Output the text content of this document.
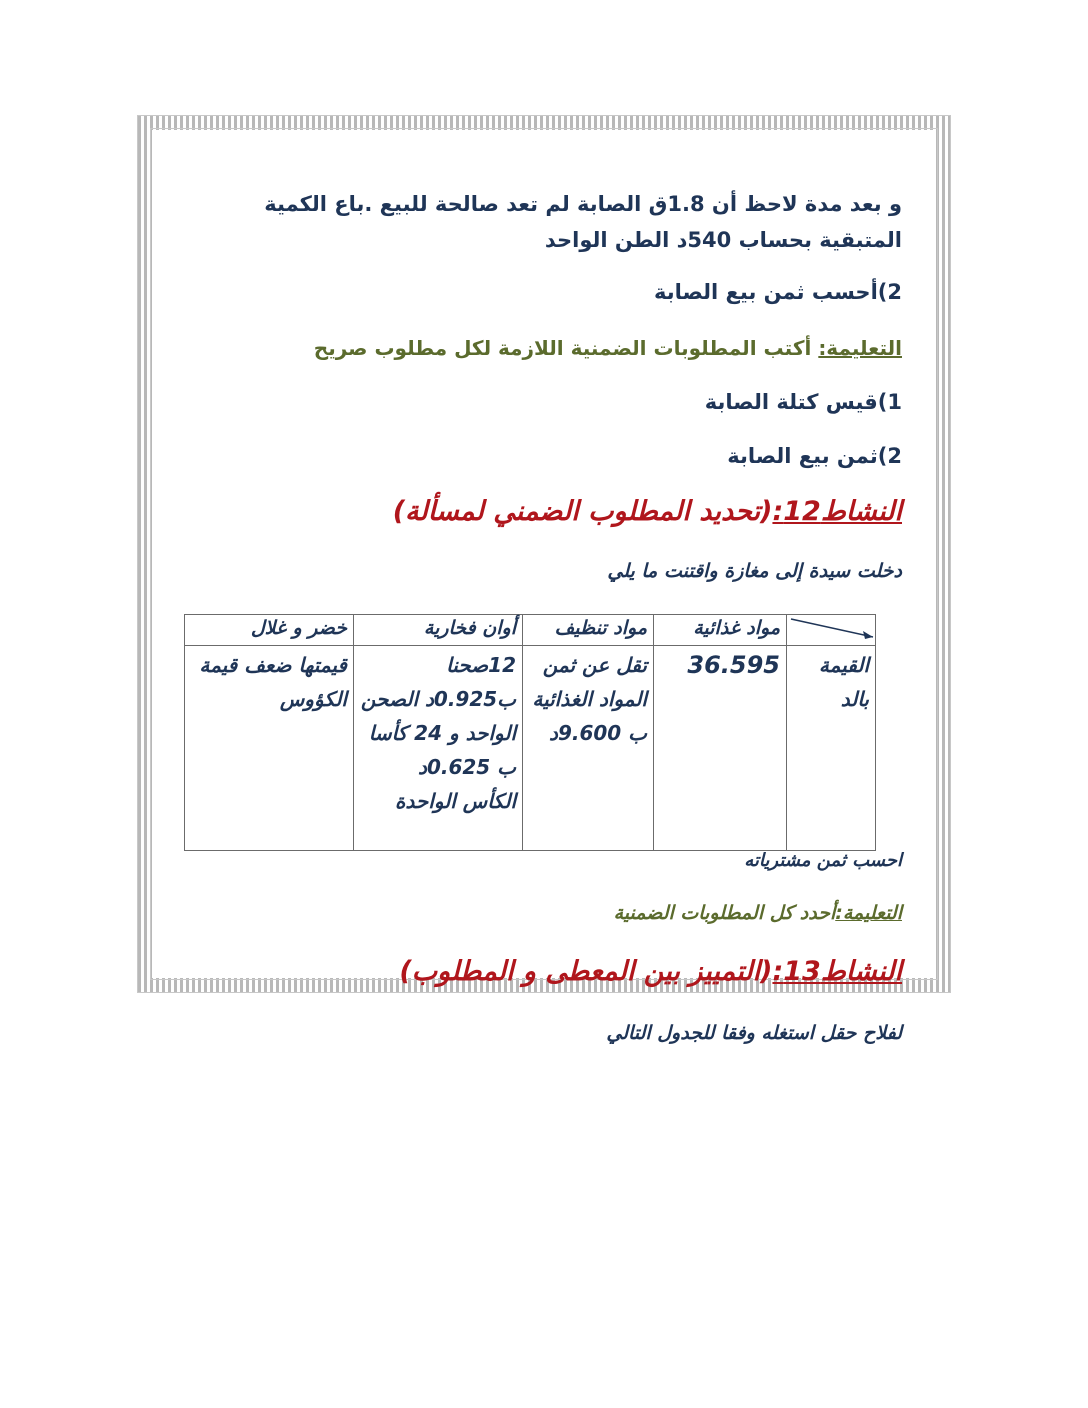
و بعد مدة لاحظ أن 1.8ق الصابة لم تعد صالحة للبيع .باع الكمية المتبقية بحساب 540د الطن الواحد

2)أحسب ثمن بيع الصابة

التعليمة: أكتب المطلوبات الضمنية اللازمة لكل مطلوب صريح

1)قيس كتلة الصابة

2)ثمن بيع الصابة

النشاط12:(تحديد المطلوب الضمني لمسألة)

دخلت سيدة إلى مغازة واقتنت ما يلي

	مواد غذائية	مواد تنظيف	أوان فخارية	خضر و غلال
القيمة بالد	36.595	تقل عن ثمن المواد الغذائية ب 9.600د	12صحنا ب0.925د الصحن الواحد و 24 كأسا ب 0.625د الكأس الواحدة	قيمتها ضعف قيمة الكؤوس

احسب ثمن مشترياته

التعليمة:أحدد كل المطلوبات الضمنية

النشاط13:(التمييز بين المعطى و المطلوب)

لفلاح حقل استغله وفقا للجدول التالي
